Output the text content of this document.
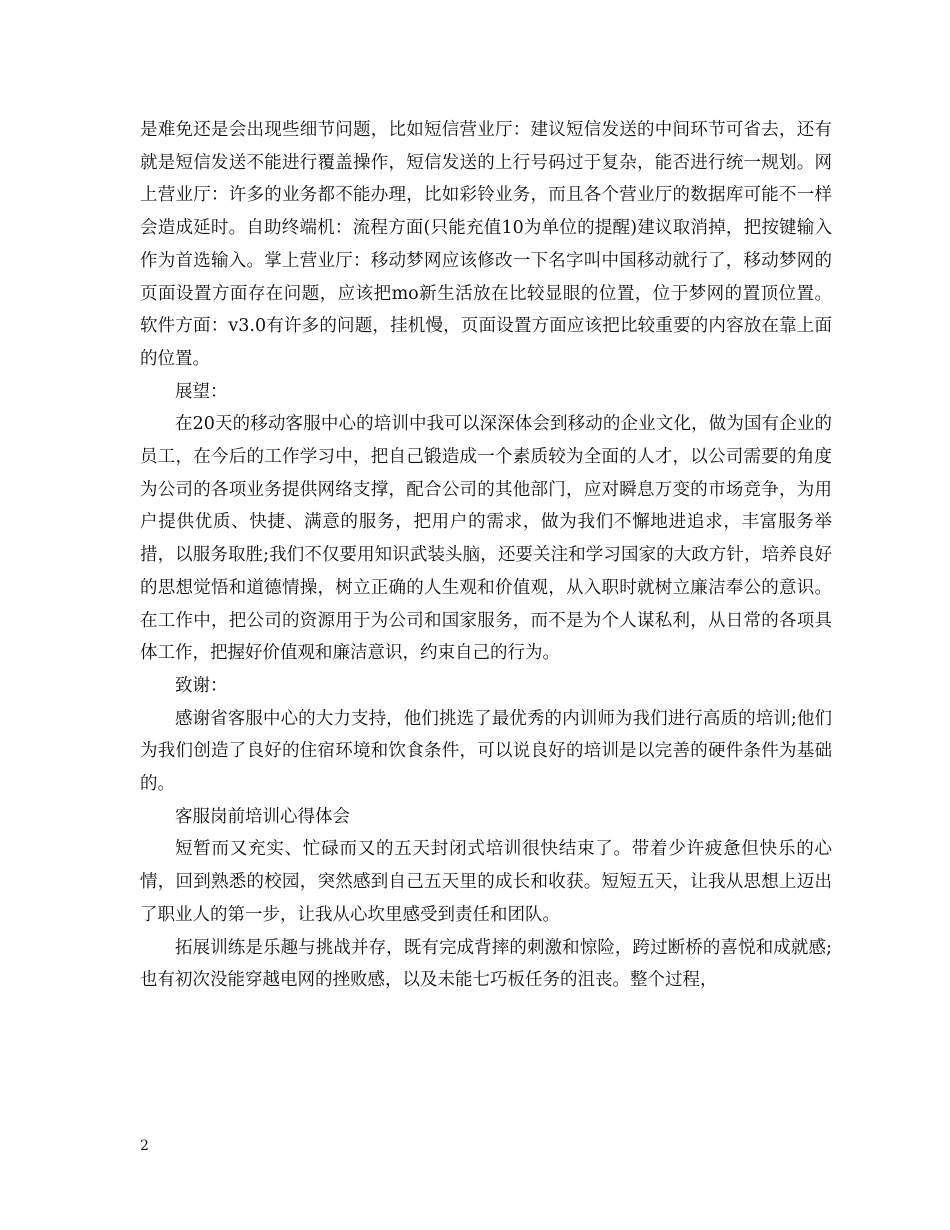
是难免还是会出现些细节问题，比如短信营业厅：建议短信发送的中间环节可省去，还有就是短信发送不能进行覆盖操作，短信发送的上行号码过于复杂，能否进行统一规划。网上营业厅：许多的业务都不能办理，比如彩铃业务，而且各个营业厅的数据库可能不一样会造成延时。自助终端机：流程方面(只能充值10为单位的提醒)建议取消掉，把按键输入作为首选输入。掌上营业厅：移动梦网应该修改一下名字叫中国移动就行了，移动梦网的页面设置方面存在问题，应该把mo新生活放在比较显眼的位置，位于梦网的置顶位置。软件方面：v3.0有许多的问题，挂机慢，页面设置方面应该把比较重要的内容放在靠上面的位置。

展望：

在20天的移动客服中心的培训中我可以深深体会到移动的企业文化，做为国有企业的员工，在今后的工作学习中，把自己锻造成一个素质较为全面的人才，以公司需要的角度为公司的各项业务提供网络支撑，配合公司的其他部门，应对瞬息万变的市场竞争，为用户提供优质、快捷、满意的服务，把用户的需求，做为我们不懈地进追求，丰富服务举措，以服务取胜;我们不仅要用知识武装头脑，还要关注和学习国家的大政方针，培养良好的思想觉悟和道德情操，树立正确的人生观和价值观，从入职时就树立廉洁奉公的意识。在工作中，把公司的资源用于为公司和国家服务，而不是为个人谋私利，从日常的各项具体工作，把握好价值观和廉洁意识，约束自己的行为。

致谢：

感谢省客服中心的大力支持，他们挑选了最优秀的内训师为我们进行高质的培训;他们为我们创造了良好的住宿环境和饮食条件，可以说良好的培训是以完善的硬件条件为基础的。

客服岗前培训心得体会

短暂而又充实、忙碌而又的五天封闭式培训很快结束了。带着少许疲惫但快乐的心情，回到熟悉的校园，突然感到自己五天里的成长和收获。短短五天，让我从思想上迈出了职业人的第一步，让我从心坎里感受到责任和团队。

拓展训练是乐趣与挑战并存，既有完成背摔的刺激和惊险，跨过断桥的喜悦和成就感;也有初次没能穿越电网的挫败感，以及未能七巧板任务的沮丧。整个过程，

2
